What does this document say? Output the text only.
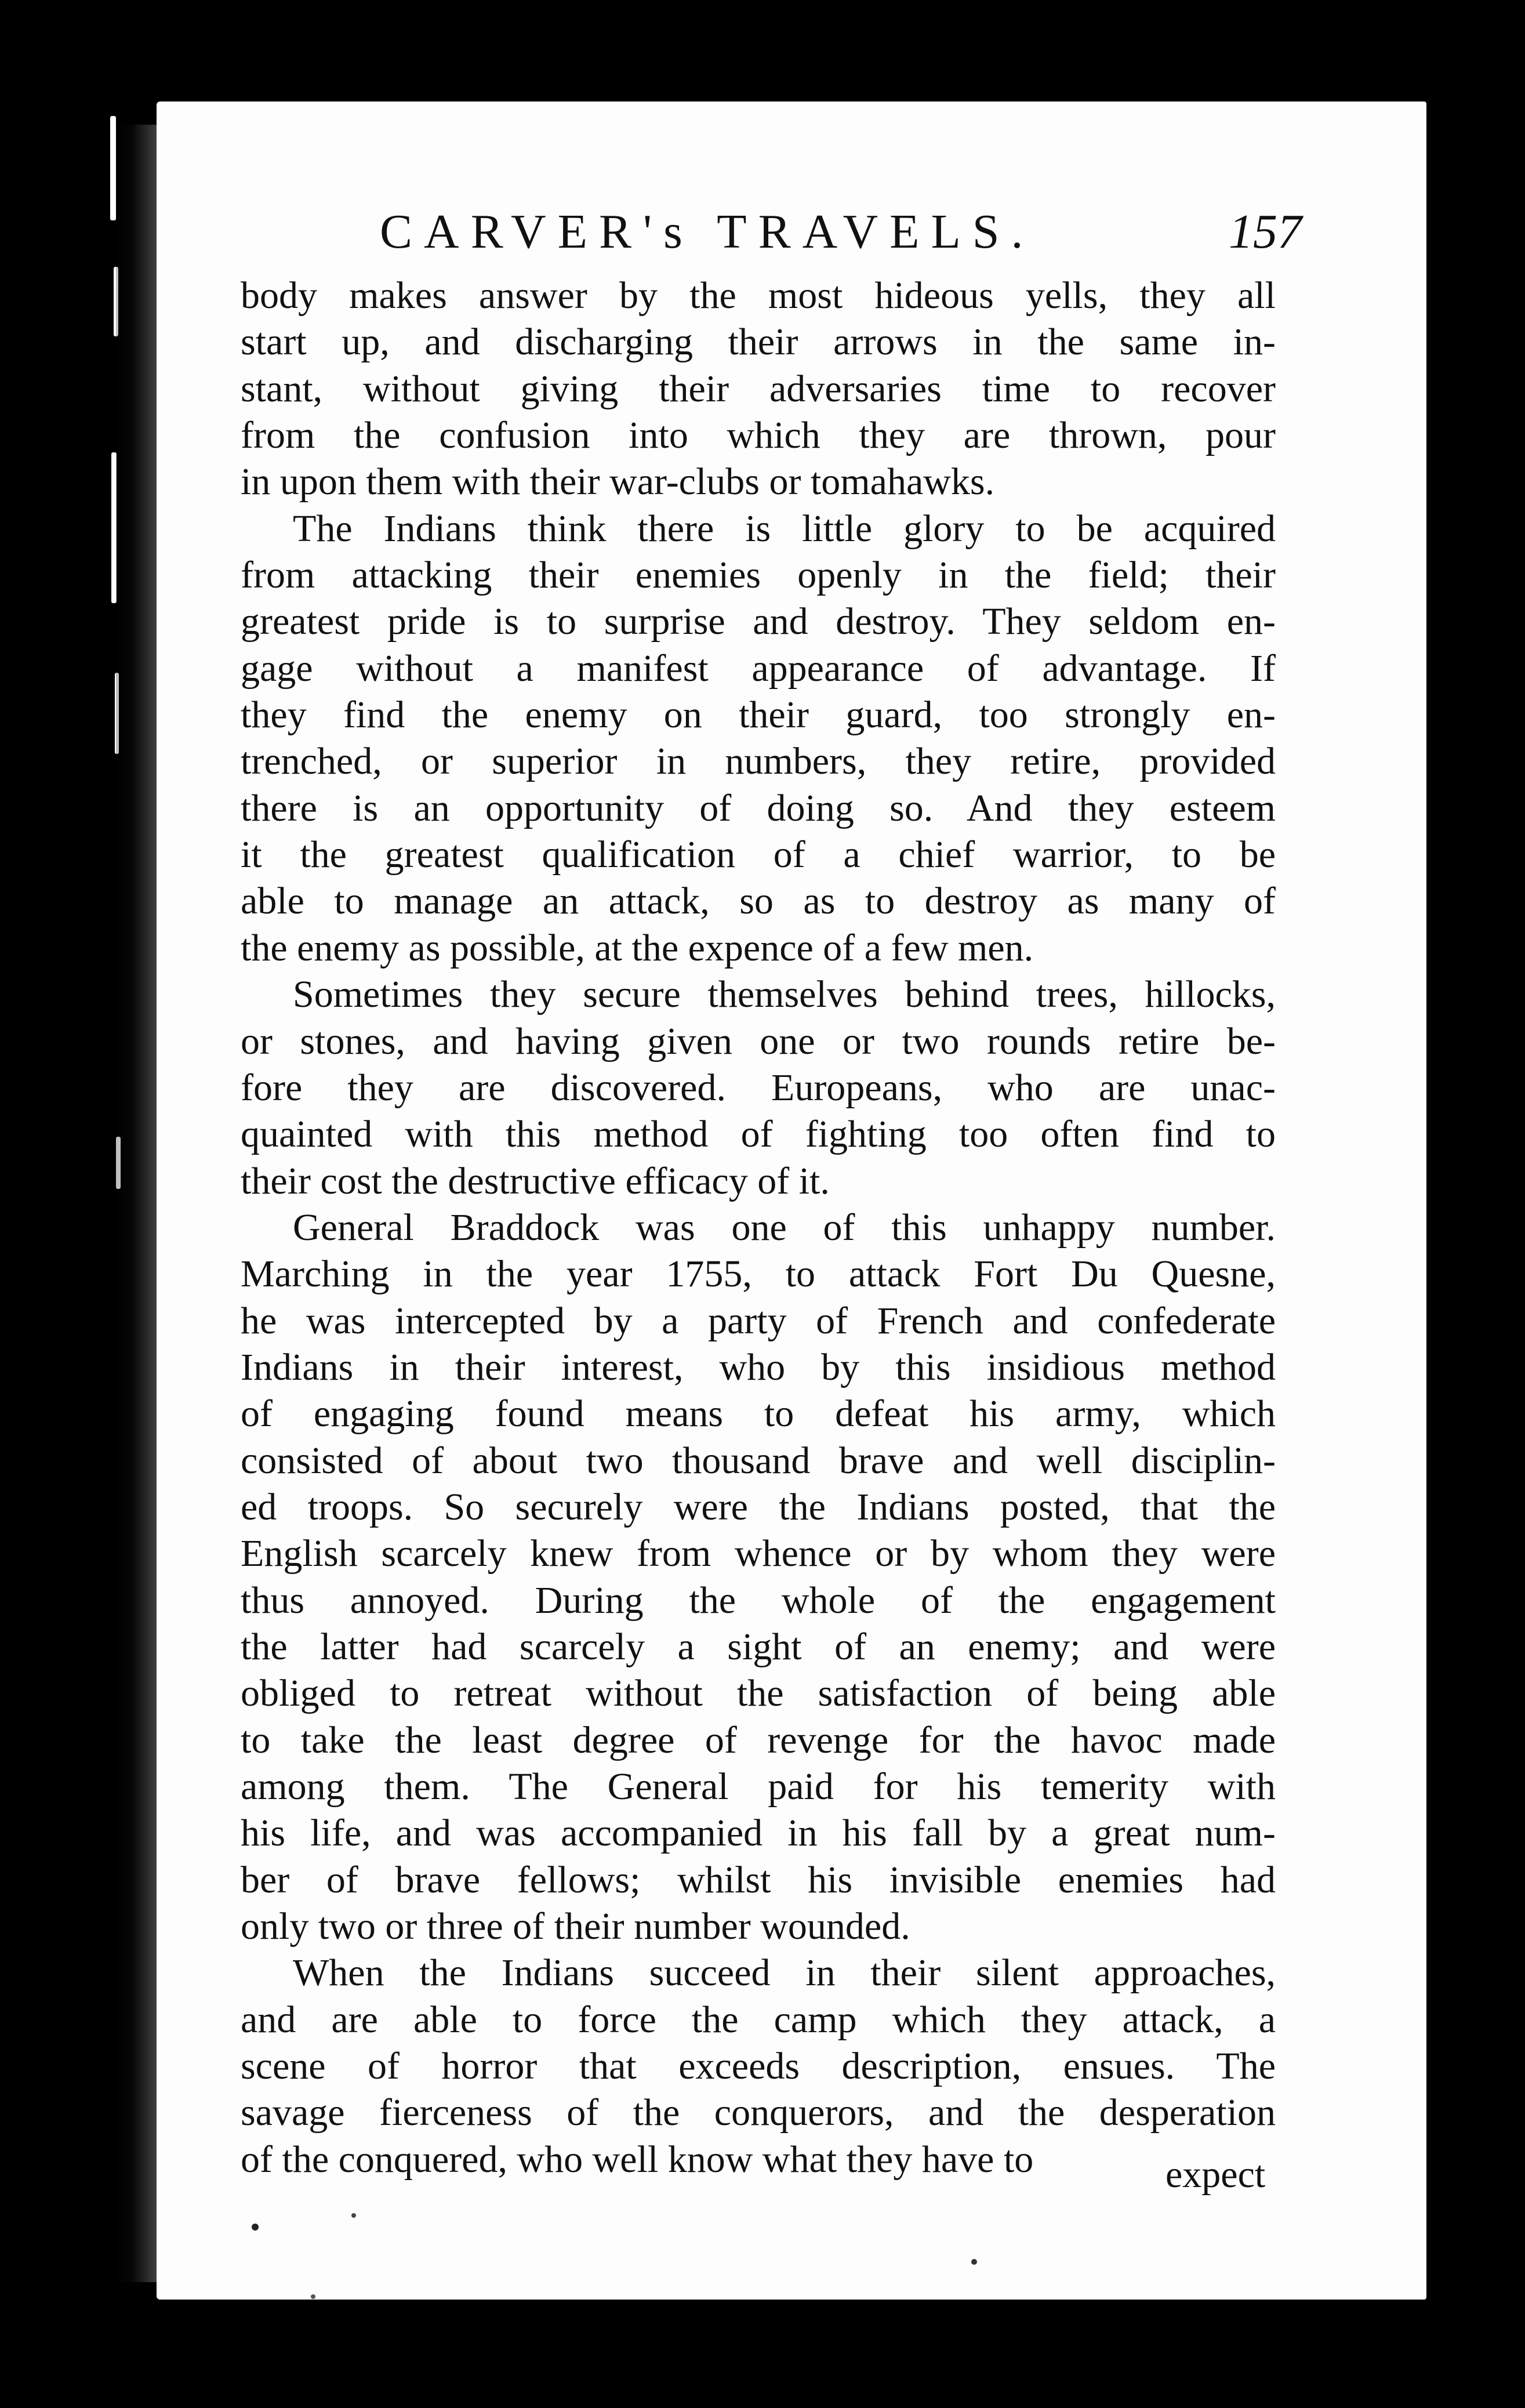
CARVER's TRAVELS.	157
body makes answer by the most hideous yells, they all
start up, and discharging their arrows in the same in-
stant, without giving their adversaries time to recover
from the confusion into which they are thrown, pour
in upon them with their war-clubs or tomahawks.
The Indians think there is little glory to be acquired
from attacking their enemies openly in the field; their
greatest pride is to surprise and destroy. They seldom en-
gage without a manifest appearance of advantage. If
they find the enemy on their guard, too strongly en-
trenched, or superior in numbers, they retire, provided
there is an opportunity of doing so. And they esteem
it the greatest qualification of a chief warrior, to be
able to manage an attack, so as to destroy as many of
the enemy as possible, at the expence of a few men.
Sometimes they secure themselves behind trees, hillocks,
or stones, and having given one or two rounds retire be-
fore they are discovered. Europeans, who are unac-
quainted with this method of fighting too often find to
their cost the destructive efficacy of it.
General Braddock was one of this unhappy number.
Marching in the year 1755, to attack Fort Du Quesne,
he was intercepted by a party of French and confederate
Indians in their interest, who by this insidious method
of engaging found means to defeat his army, which
consisted of about two thousand brave and well disciplin-
ed troops. So securely were the Indians posted, that the
English scarcely knew from whence or by whom they were
thus annoyed. During the whole of the engagement
the latter had scarcely a sight of an enemy; and were
obliged to retreat without the satisfaction of being able
to take the least degree of revenge for the havoc made
among them. The General paid for his temerity with
his life, and was accompanied in his fall by a great num-
ber of brave fellows; whilst his invisible enemies had
only two or three of their number wounded.
When the Indians succeed in their silent approaches,
and are able to force the camp which they attack, a
scene of horror that exceeds description, ensues. The
savage fierceness of the conquerors, and the desperation
of the conquered, who well know what they have to	expect
